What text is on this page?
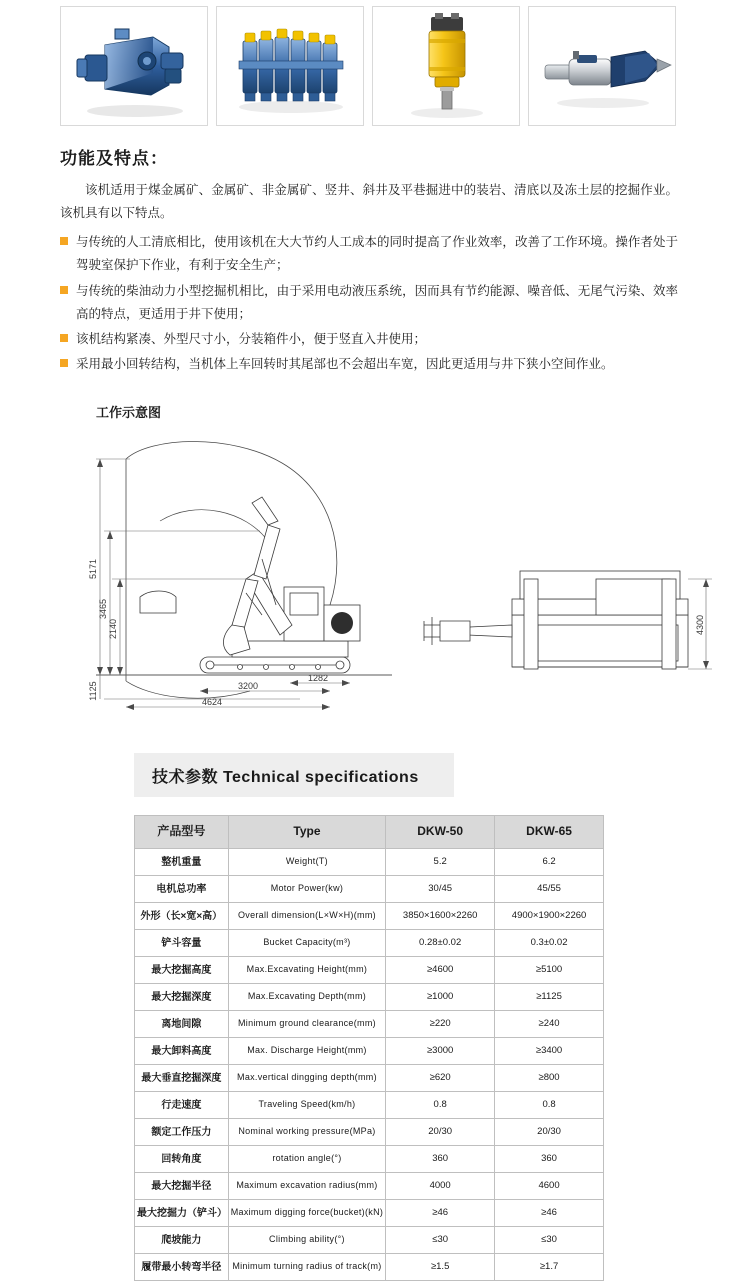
功能及特点：
该机适用于煤金属矿、金属矿、非金属矿、竖井、斜井及平巷掘进中的装岩、清底以及冻土层的挖掘作业。该机具有以下特点。
与传统的人工清底相比，使用该机在大大节约人工成本的同时提高了作业效率，改善了工作环境。操作者处于驾驶室保护下作业，有利于安全生产；
与传统的柴油动力小型挖掘机相比，由于采用电动液压系统，因而具有节约能源、噪音低、无尾气污染、效率高的特点，更适用于井下使用；
该机结构紧凑、外型尺寸小，分装箱件小，便于竖直入井使用；
采用最小回转结构，当机体上车回转时其尾部也不会超出车宽，因此更适用与井下狭小空间作业。
工作示意图
5171
3465
2140
1125
4624
3200
1282
4300
技术参数 Technical specifications
产品型号	Type	DKW-50	DKW-65
整机重量	Weight(T)	5.2	6.2
电机总功率	Motor Power(kw)	30/45	45/55
外形（长×宽×高）	Overall dimension(L×W×H)(mm)	3850×1600×2260	4900×1900×2260
铲斗容量	Bucket Capacity(m³)	0.28±0.02	0.3±0.02
最大挖掘高度	Max.Excavating Height(mm)	≥4600	≥5100
最大挖掘深度	Max.Excavating Depth(mm)	≥1000	≥1125
离地间隙	Minimum ground clearance(mm)	≥220	≥240
最大卸料高度	Max. Discharge Height(mm)	≥3000	≥3400
最大垂直挖掘深度	Max.vertical dingging depth(mm)	≥620	≥800
行走速度	Traveling Speed(km/h)	0.8	0.8
额定工作压力	Nominal working pressure(MPa)	20/30	20/30
回转角度	rotation angle(°)	360	360
最大挖掘半径	Maximum excavation radius(mm)	4000	4600
最大挖掘力（铲斗）	Maximum digging force(bucket)(kN)	≥46	≥46
爬坡能力	Climbing ability(°)	≤30	≤30
履带最小转弯半径	Minimum turning radius of track(m)	≥1.5	≥1.7
